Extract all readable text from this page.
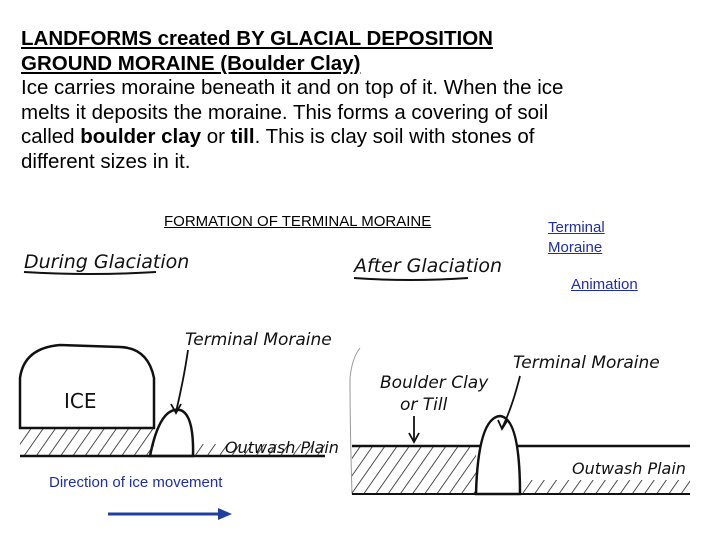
LANDFORMS created BY GLACIAL DEPOSITION
GROUND MORAINE (Boulder Clay)
Ice carries moraine beneath it and on top of it. When the ice
melts it deposits the moraine. This forms a covering of soil
called boulder clay or till. This is clay soil with stones of
different sizes in it.
FORMATION OF TERMINAL MORAINE	Terminal Moraine
Animation
During Glaciation
ICE
Terminal Moraine
Outwash Plain
After Glaciation
Boulder Clay
or Till
Terminal Moraine
Outwash Plain
Direction of ice movement
